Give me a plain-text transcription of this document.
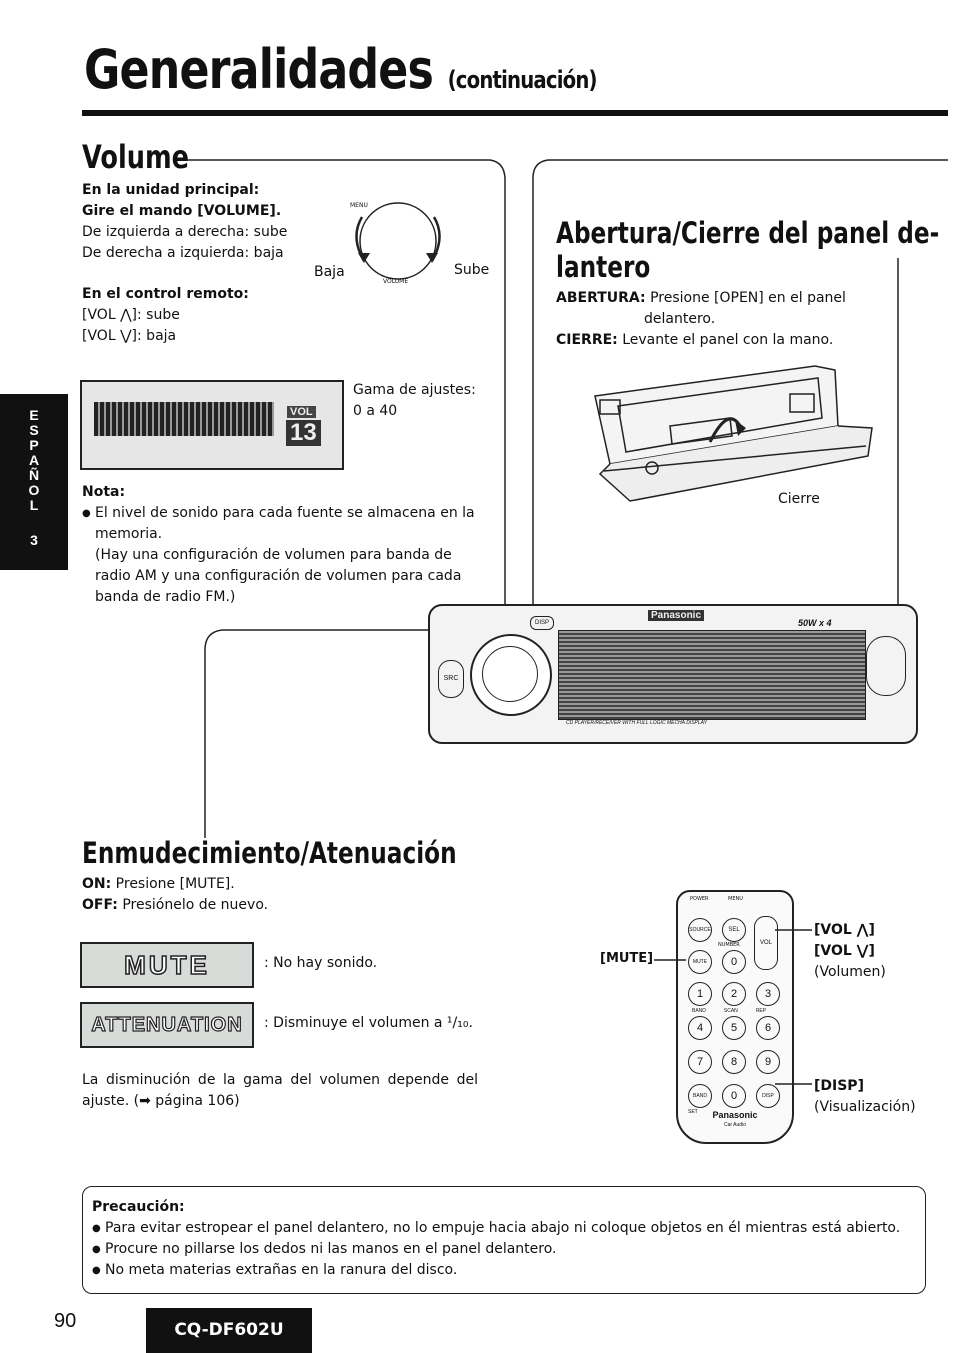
Generalidades (continuación)
E
S
P
A
Ñ
O
L
3
Volume
En la unidad principal:
Gire el mando [VOLUME].
De izquierda a derecha: sube
De derecha a izquierda: baja
MENU
VOLUME
Baja	Sube
En el control remoto:
[VOL ⋀]: sube
[VOL ⋁]: baja
VOL
13
Gama de ajustes:
0 a 40
Nota:
● El nivel de sonido para cada fuente se almacena en la memoria.
(Hay una configuración de volumen para banda de radio AM y una configuración de volumen para cada banda de radio FM.)
Abertura/Cierre del panel de-
lantero
ABERTURA: Presione [OPEN] en el panel
delantero.
CIERRE: Levante el panel con la mano.
Cierre
Panasonic
50W x 4
DISP
SRC
CD PLAYER/RECEIVER WITH FULL LOGIC MECHA DISPLAY
Enmudecimiento/Atenuación
ON: Presione [MUTE].
OFF: Presiónelo de nuevo.
MUTE	: No hay sonido.
ATTENUATION	: Disminuye el volumen a ¹/₁₀.
La disminución de la gama del volumen depende del ajuste. (➡ página 106)
POWER	MENU
NUMBER
SOURCE	SEL
VOL
MUTE	0
1	2	3
BAND	SCAN	REP
4	5	6
7	8	9
BAND	0	DISP
SET	Panasonic
Car Audio
[MUTE]
[VOL ⋀]
[VOL ⋁]
(Volumen)
[DISP]
(Visualización)
Precaución:
● Para evitar estropear el panel delantero, no lo empuje hacia abajo ni coloque objetos en él mientras está abierto.
● Procure no pillarse los dedos ni las manos en el panel delantero.
● No meta materias extrañas en la ranura del disco.
90	CQ-DF602U
